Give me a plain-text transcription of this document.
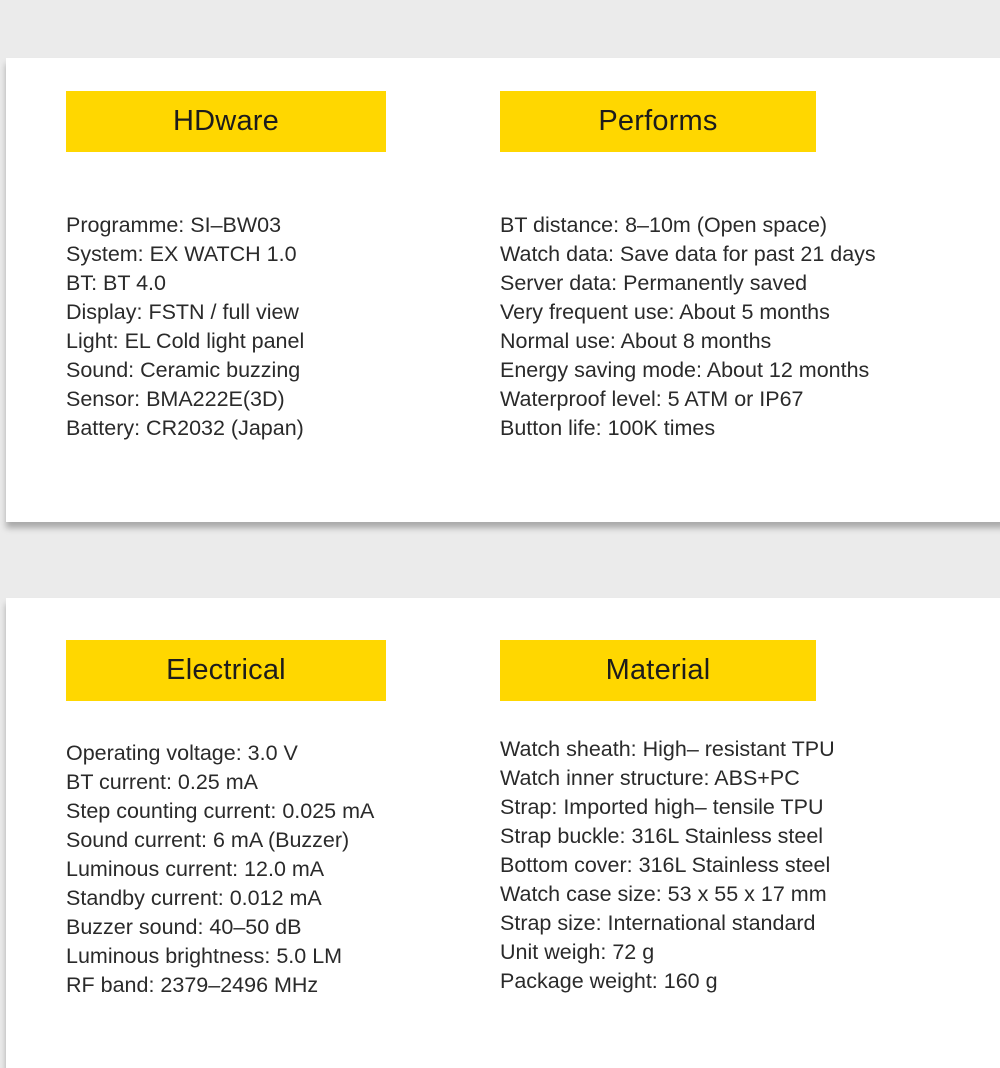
HDware
Programme: SI–BW03
System: EX WATCH 1.0
BT: BT 4.0
Display: FSTN / full view
Light: EL Cold light panel
Sound: Ceramic buzzing
Sensor: BMA222E(3D)
Battery: CR2032 (Japan)
Performs
BT distance: 8–10m (Open space)
Watch data: Save data for past 21 days
Server data: Permanently saved
Very frequent use: About 5 months
Normal use: About 8 months
Energy saving mode: About 12 months
Waterproof level: 5 ATM or IP67
Button life: 100K times
Electrical
Operating voltage: 3.0 V
BT current: 0.25 mA
Step counting current: 0.025 mA
Sound current: 6 mA (Buzzer)
Luminous current: 12.0 mA
Standby current: 0.012 mA
Buzzer sound: 40–50 dB
Luminous brightness: 5.0 LM
RF band: 2379–2496 MHz
Material
Watch sheath: High– resistant TPU
Watch inner structure: ABS+PC
Strap: Imported high– tensile TPU
Strap buckle: 316L Stainless steel
Bottom cover: 316L Stainless steel
Watch case size: 53 x 55 x 17 mm
Strap size: International standard
Unit weigh: 72 g
Package weight: 160 g
